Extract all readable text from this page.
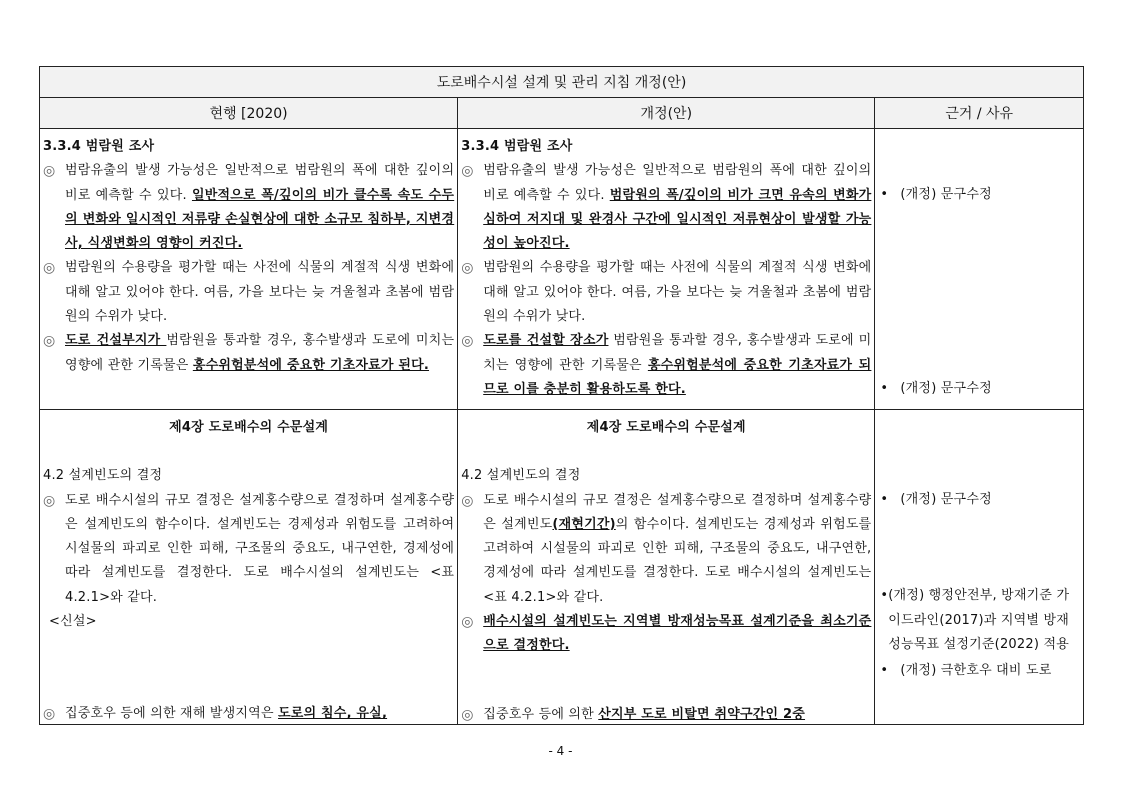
도로배수시설 설계 및 관리 지침 개정(안)
현행 [2020)	개정(안)	근거 / 사유
3.3.4 범람원 조사
◎ 범람유출의 발생 가능성은 일반적으로 범람원의 폭에 대한 깊이의 비로 예측할 수 있다. 일반적으로 폭/깊이의 비가 클수록 속도 수두의 변화와 일시적인 저류량 손실현상에 대한 소규모 침하부, 지변경사, 식생변화의 영향이 커진다.
◎ 범람원의 수용량을 평가할 때는 사전에 식물의 계절적 식생 변화에 대해 알고 있어야 한다. 여름, 가을 보다는 늦 겨울철과 초봄에 범람원의 수위가 낮다.
◎ 도로 건설부지가 범람원을 통과할 경우, 홍수발생과 도로에 미치는 영향에 관한 기록물은 홍수위험분석에 중요한 기초자료가 된다.
3.3.4 범람원 조사
◎ 범람유출의 발생 가능성은 일반적으로 범람원의 폭에 대한 깊이의 비로 예측할 수 있다. 범람원의 폭/깊이의 비가 크면 유속의 변화가 심하여 저지대 및 완경사 구간에 일시적인 저류현상이 발생할 가능성이 높아진다.
◎ 범람원의 수용량을 평가할 때는 사전에 식물의 계절적 식생 변화에 대해 알고 있어야 한다. 여름, 가을 보다는 늦 겨울철과 초봄에 범람원의 수위가 낮다.
◎ 도로를 건설할 장소가 범람원을 통과할 경우, 홍수발생과 도로에 미치는 영향에 관한 기록물은 홍수위험분석에 중요한 기초자료가 되므로 이를 충분히 활용하도록 한다.
• (개정) 문구수정
• (개정) 문구수정
제4장 도로배수의 수문설계
4.2 설계빈도의 결정
◎ 도로 배수시설의 규모 결정은 설계홍수량으로 결정하며 설계홍수량은 설계빈도의 함수이다. 설계빈도는 경제성과 위험도를 고려하여 시설물의 파괴로 인한 피해, 구조물의 중요도, 내구연한, 경제성에 따라 설계빈도를 결정한다. 도로 배수시설의 설계빈도는 <표 4.2.1>와 같다.
<신설>
◎ 집중호우 등에 의한 재해 발생지역은 도로의 침수, 유실,
제4장 도로배수의 수문설계
4.2 설계빈도의 결정
◎ 도로 배수시설의 규모 결정은 설계홍수량으로 결정하며 설계홍수량은 설계빈도(재현기간)의 함수이다. 설계빈도는 경제성과 위험도를 고려하여 시설물의 파괴로 인한 피해, 구조물의 중요도, 내구연한, 경제성에 따라 설계빈도를 결정한다. 도로 배수시설의 설계빈도는 <표 4.2.1>와 같다.
◎ 배수시설의 설계빈도는 지역별 방재성능목표 설계기준을 최소기준으로 결정한다.
◎ 집중호우 등에 의한 산지부 도로 비탈면 취약구간인 2중
• (개정) 문구수정
• (개정) 행정안전부, 방재기준 가이드라인(2017)과 지역별 방재성능목표 설정기준(2022) 적용
• (개정) 극한호우 대비 도로
- 4 -
